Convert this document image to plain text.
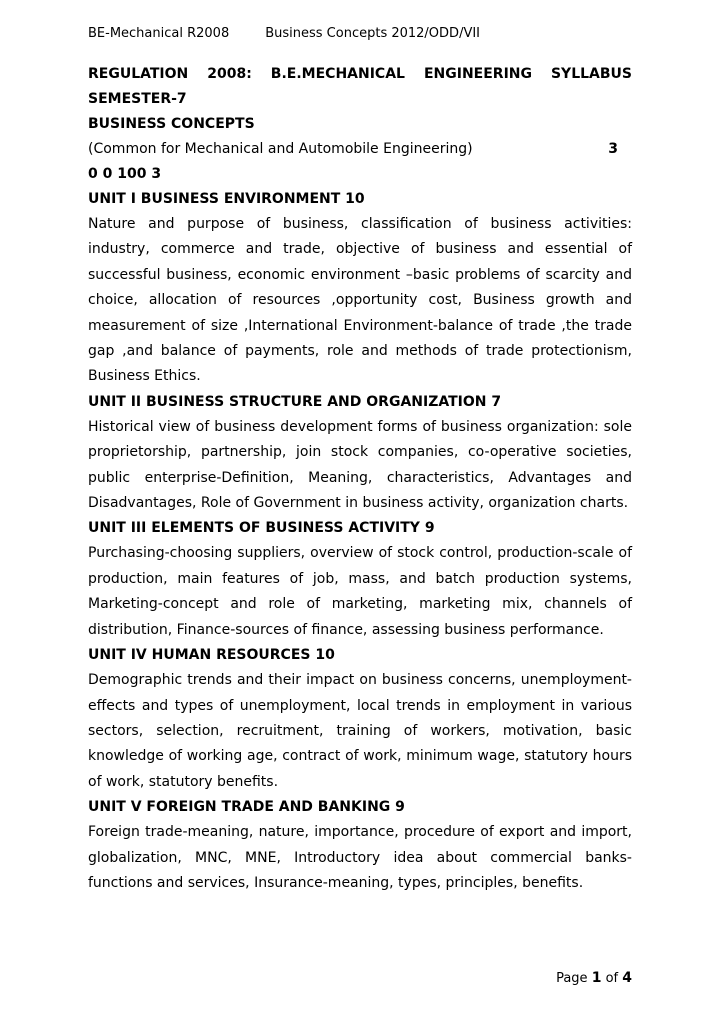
BE-Mechanical R2008	Business Concepts 2012/ODD/VII

REGULATION 2008: B.E.MECHANICAL ENGINEERING SYLLABUS

SEMESTER-7

BUSINESS CONCEPTS

(Common for Mechanical and Automobile Engineering)	3

0 0 100 3

UNIT I BUSINESS ENVIRONMENT 10

Nature and purpose of business, classification of business activities: industry, commerce and trade, objective of business and essential of successful business, economic environment –basic problems of scarcity and choice, allocation of resources ,opportunity cost, Business growth and measurement of size ,International Environment-balance of trade ,the trade gap ,and balance of payments, role and methods of trade protectionism, Business Ethics.

UNIT II BUSINESS STRUCTURE AND ORGANIZATION 7

Historical view of business development forms of business organization: sole proprietorship, partnership, join stock companies, co-operative societies, public enterprise-Definition, Meaning, characteristics, Advantages and Disadvantages, Role of Government in business activity, organization charts.

UNIT III ELEMENTS OF BUSINESS ACTIVITY 9

Purchasing-choosing suppliers, overview of stock control, production-scale of production, main features of job, mass, and batch production systems, Marketing-concept and role of marketing, marketing mix, channels of distribution, Finance-sources of finance, assessing business performance.

UNIT IV HUMAN RESOURCES 10

Demographic trends and their impact on business concerns, unemployment-effects and types of unemployment, local trends in employment in various sectors, selection, recruitment, training of workers, motivation, basic knowledge of working age, contract of work, minimum wage, statutory hours of work, statutory benefits.

UNIT V FOREIGN TRADE AND BANKING 9

Foreign trade-meaning, nature, importance, procedure of export and import, globalization, MNC, MNE, Introductory idea about commercial banks-functions and services, Insurance-meaning, types, principles, benefits.

Page 1 of 4
